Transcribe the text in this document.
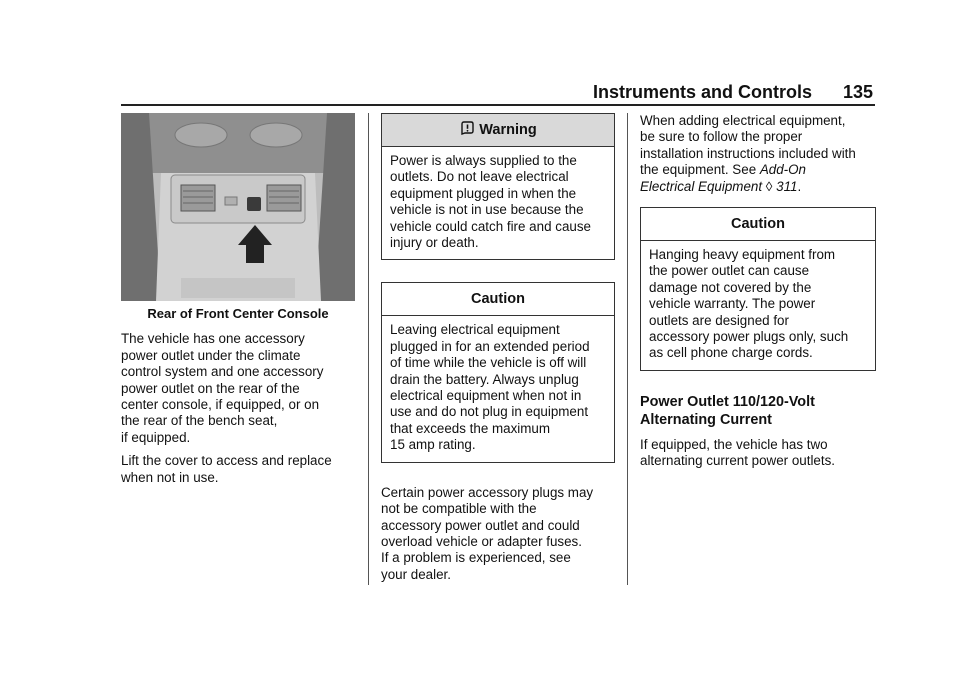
Instruments and Controls 135
Rear of Front Center Console

The vehicle has one accessory
power outlet under the climate
control system and one accessory
power outlet on the rear of the
center console, if equipped, or on
the rear of the bench seat,
if equipped.

Lift the cover to access and replace
when not in use.

Warning
Power is always supplied to the
outlets. Do not leave electrical
equipment plugged in when the
vehicle is not in use because the
vehicle could catch fire and cause
injury or death.
Caution
Leaving electrical equipment
plugged in for an extended period
of time while the vehicle is off will
drain the battery. Always unplug
electrical equipment when not in
use and do not plug in equipment
that exceeds the maximum
15 amp rating.

Certain power accessory plugs may
not be compatible with the
accessory power outlet and could
overload vehicle or adapter fuses.
If a problem is experienced, see
your dealer.

When adding electrical equipment,
be sure to follow the proper
installation instructions included with
the equipment. See Add-On
Electrical Equipment ◊ 311.

Caution
Hanging heavy equipment from
the power outlet can cause
damage not covered by the
vehicle warranty. The power
outlets are designed for
accessory power plugs only, such
as cell phone charge cords.
Power Outlet 110/120-Volt
Alternating Current

If equipped, the vehicle has two
alternating current power outlets.
